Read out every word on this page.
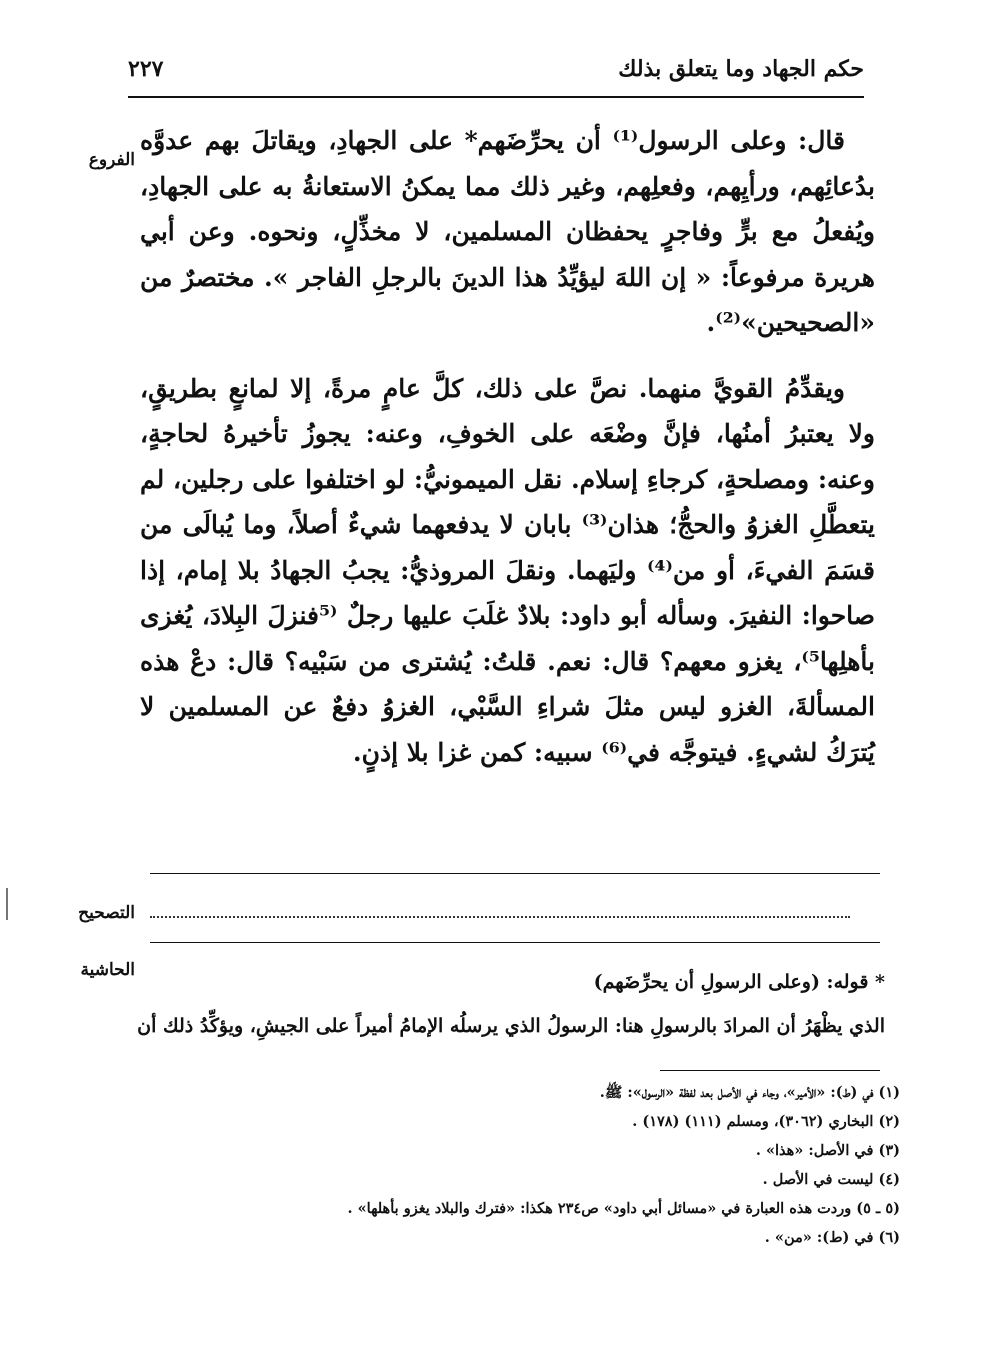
حكم الجهاد وما يتعلق بذلك
٢٢٧
الفروع

قال: وعلى الرسول⁽¹⁾ أن يحرِّضَهم* على الجهادِ، ويقاتلَ بهم عدوَّه بدُعائِهم، ورأيِهم، وفعلِهم، وغير ذلك مما يمكنُ الاستعانةُ به على الجهادِ، ويُفعلُ مع برٍّ وفاجرٍ يحفظان المسلمين، لا مخذِّلٍ، ونحوه. وعن أبي هريرة مرفوعاً: « إن اللهَ ليؤيِّدُ هذا الدينَ بالرجلِ الفاجر ». مختصرٌ من «الصحيحين»⁽²⁾.

ويقدِّمُ القويَّ منهما. نصَّ على ذلك، كلَّ عامٍ مرةً، إلا لمانعٍ بطريقٍ، ولا يعتبرُ أمنُها، فإنَّ وضْعَه على الخوفِ، وعنه: يجوزُ تأخيرهُ لحاجةٍ، وعنه: ومصلحةٍ، كرجاءِ إسلام. نقل الميمونيُّ: لو اختلفوا على رجلين، لم يتعطَّلِ الغزوُ والحجُّ؛ هذان⁽³⁾ بابان لا يدفعهما شيءٌ أصلاً، وما يُبالَى من قسَمَ الفيءَ، أو من⁽⁴⁾ وليَهما. ونقلَ المروذيُّ: يجبُ الجهادُ بلا إمام، إذا صاحوا: النفيرَ. وسأله أبو داود: بلادٌ غلَبَ عليها رجلٌ ⁽⁵فنزلَ البِلادَ، يُغزى بأهلِها⁵⁾، يغزو معهم؟ قال: نعم. قلتُ: يُشترى من سَبْيه؟ قال: دعْ هذه المسألةَ، الغزو ليس مثلَ شراءِ السَّبْي، الغزوُ دفعٌ عن المسلمين لا يُترَكُ لشيءٍ. فيتوجَّه في⁽⁶⁾ سبيه: كمن غزا بلا إذنٍ.

التصحيح
الحاشية
* قوله: (وعلى الرسولِ أن يحرِّضَهم)
الذي يظْهَرُ أن المرادَ بالرسولِ هنا: الرسولُ الذي يرسلُه الإمامُ أميراً على الجيشِ، ويؤكِّدُ ذلك أن
(١) في (ط): «الأمير»، وجاء في الأصل بعد لفظة «الرسول»: ﷺ.
(٢) البخاري (٣٠٦٢)، ومسلم (١١١) (١٧٨) .
(٣) في الأصل: «هذا» .
(٤) ليست في الأصل .
(٥ ـ ٥) وردت هذه العبارة في «مسائل أبي داود» ص٢٣٤ هكذا: «فترك والبلاد يغزو بأهلها» .
(٦) في (ط): «من» .
